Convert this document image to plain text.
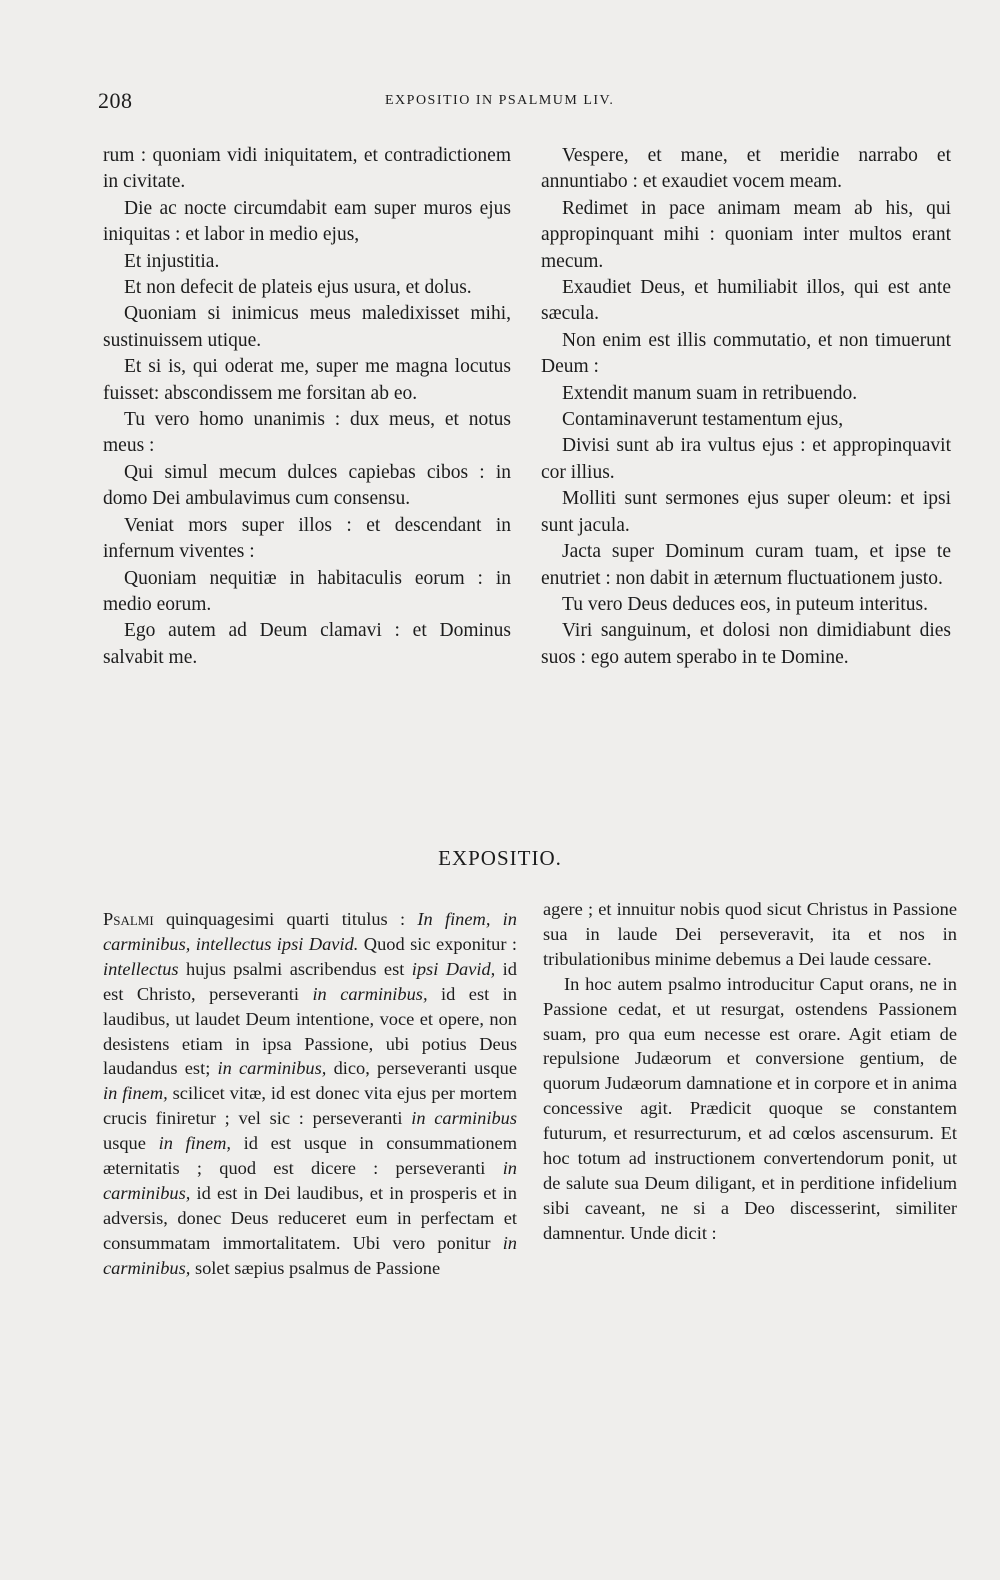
208	EXPOSITIO IN PSALMUM LIV.

rum : quoniam vidi iniquitatem, et contradictionem in civitate.

Die ac nocte circumdabit eam super muros ejus iniquitas : et labor in medio ejus,

Et injustitia.

Et non defecit de plateis ejus usura, et dolus.

Quoniam si inimicus meus maledixisset mihi, sustinuissem utique.

Et si is, qui oderat me, super me magna locutus fuisset: abscondissem me forsitan ab eo.

Tu vero homo unanimis : dux meus, et notus meus :

Qui simul mecum dulces capiebas cibos : in domo Dei ambulavimus cum consensu.

Veniat mors super illos : et descendant in infernum viventes :

Quoniam nequitiæ in habitaculis eorum : in medio eorum.

Ego autem ad Deum clamavi : et Dominus salvabit me.

Vespere, et mane, et meridie narrabo et annuntiabo : et exaudiet vocem meam.

Redimet in pace animam meam ab his, qui appropinquant mihi : quoniam inter multos erant mecum.

Exaudiet Deus, et humiliabit illos, qui est ante sæcula.

Non enim est illis commutatio, et non timuerunt Deum :

Extendit manum suam in retribuendo.

Contaminaverunt testamentum ejus,

Divisi sunt ab ira vultus ejus : et appropinquavit cor illius.

Molliti sunt sermones ejus super oleum: et ipsi sunt jacula.

Jacta super Dominum curam tuam, et ipse te enutriet : non dabit in æternum fluctuationem justo.

Tu vero Deus deduces eos, in puteum interitus.

Viri sanguinum, et dolosi non dimidiabunt dies suos : ego autem sperabo in te Domine.

EXPOSITIO.

Psalmi quinquagesimi quarti titulus : In finem, in carminibus, intellectus ipsi David. Quod sic exponitur : intellectus hujus psalmi ascribendus est ipsi David, id est Christo, perseveranti in carminibus, id est in laudibus, ut laudet Deum intentione, voce et opere, non desistens etiam in ipsa Passione, ubi potius Deus laudandus est; in carminibus, dico, perseveranti usque in finem, scilicet vitæ, id est donec vita ejus per mortem crucis finiretur ; vel sic : perseveranti in carminibus usque in finem, id est usque in consummationem æternitatis ; quod est dicere : perseveranti in carminibus, id est in Dei laudibus, et in prosperis et in adversis, donec Deus reduceret eum in perfectam et consummatam immortalitatem. Ubi vero ponitur in carminibus, solet sæpius psalmus de Passione

agere ; et innuitur nobis quod sicut Christus in Passione sua in laude Dei perseveravit, ita et nos in tribulationibus minime debemus a Dei laude cessare.

In hoc autem psalmo introducitur Caput orans, ne in Passione cedat, et ut resurgat, ostendens Passionem suam, pro qua eum necesse est orare. Agit etiam de repulsione Judæorum et conversione gentium, de quorum Judæorum damnatione et in corpore et in anima concessive agit. Prædicit quoque se constantem futurum, et resurrecturum, et ad cœlos ascensurum. Et hoc totum ad instructionem convertendorum ponit, ut de salute sua Deum diligant, et in perditione infidelium sibi caveant, ne si a Deo discesserint, similiter damnentur. Unde dicit :
